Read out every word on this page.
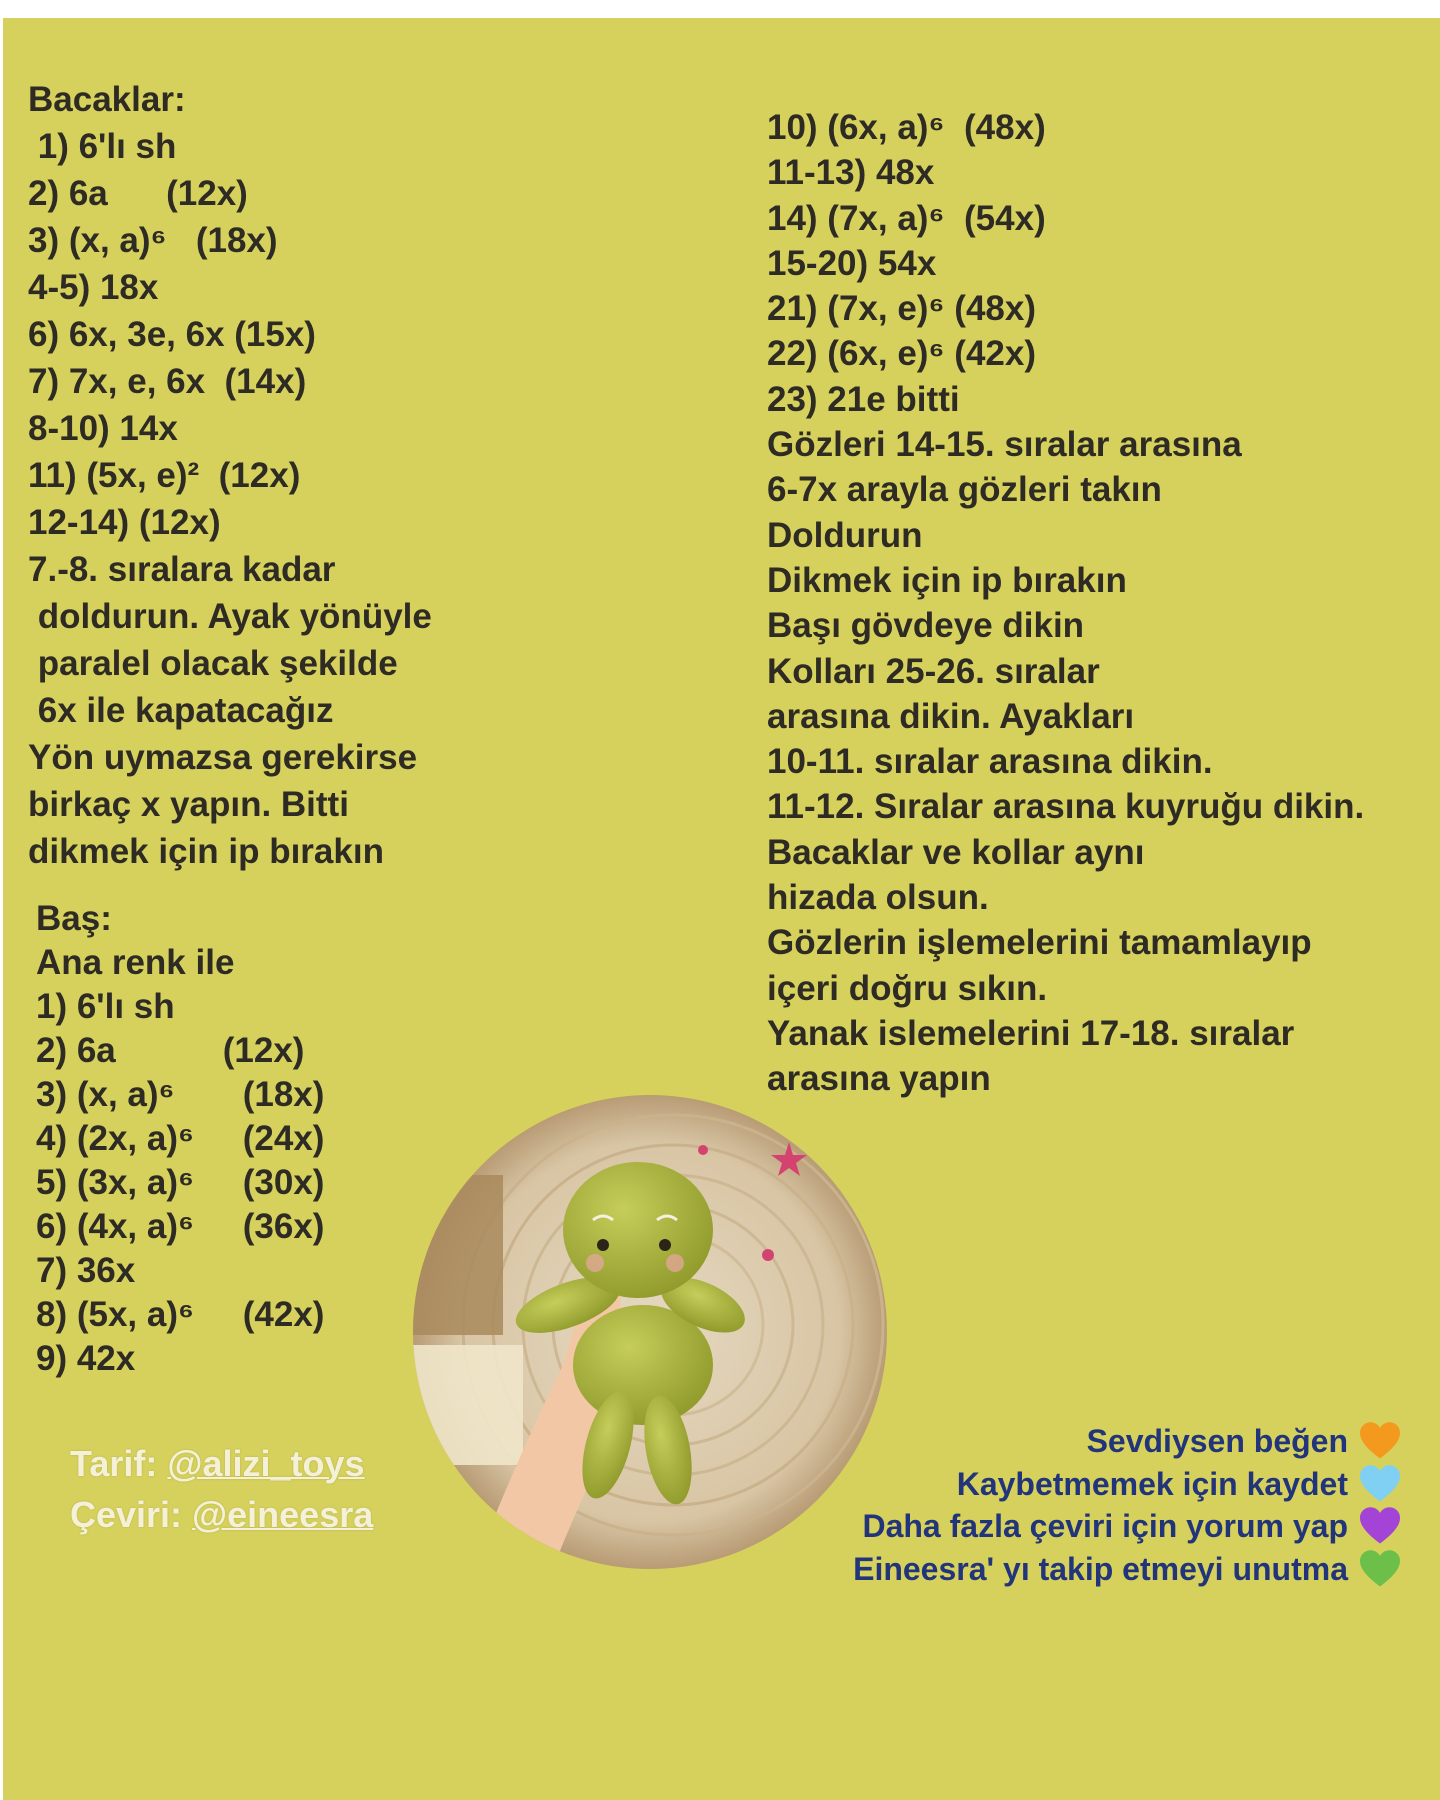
Bacaklar:
1) 6'lı sh
2) 6a      (12x)
3) (x, a)⁶   (18x)
4-5) 18x
6) 6x, 3e, 6x (15x)
7) 7x, e, 6x  (14x)
8-10) 14x
11) (5x, e)²  (12x)
12-14) (12x)
7.-8. sıralara kadar
doldurun. Ayak yönüyle
paralel olacak şekilde
6x ile kapatacağız
Yön uymazsa gerekirse
birkaç x yapın. Bitti
dikmek için ip bırakın
Baş:
Ana renk ile
1) 6'lı sh
2) 6a           (12x)
3) (x, a)⁶       (18x)
4) (2x, a)⁶     (24x)
5) (3x, a)⁶     (30x)
6) (4x, a)⁶     (36x)
7) 36x
8) (5x, a)⁶     (42x)
9) 42x
10) (6x, a)⁶  (48x)
11-13) 48x
14) (7x, a)⁶  (54x)
15-20) 54x
21) (7x, e)⁶ (48x)
22) (6x, e)⁶ (42x)
23) 21e bitti
Gözleri 14-15. sıralar arasına
6-7x arayla gözleri takın
Doldurun
Dikmek için ip bırakın
Başı gövdeye dikin
Kolları 25-26. sıralar
arasına dikin. Ayakları
10-11. sıralar arasına dikin.
11-12. Sıralar arasına kuyruğu dikin.
Bacaklar ve kollar aynı
hizada olsun.
Gözlerin işlemelerini tamamlayıp
içeri doğru sıkın.
Yanak islemelerini 17-18. sıralar
arasına yapın
Tarif: @alizi_toys
Çeviri: @eineesra
Sevdiysen beğen
Kaybetmemek için kaydet
Daha fazla çeviri için yorum yap
Eineesra' yı takip etmeyi unutma
